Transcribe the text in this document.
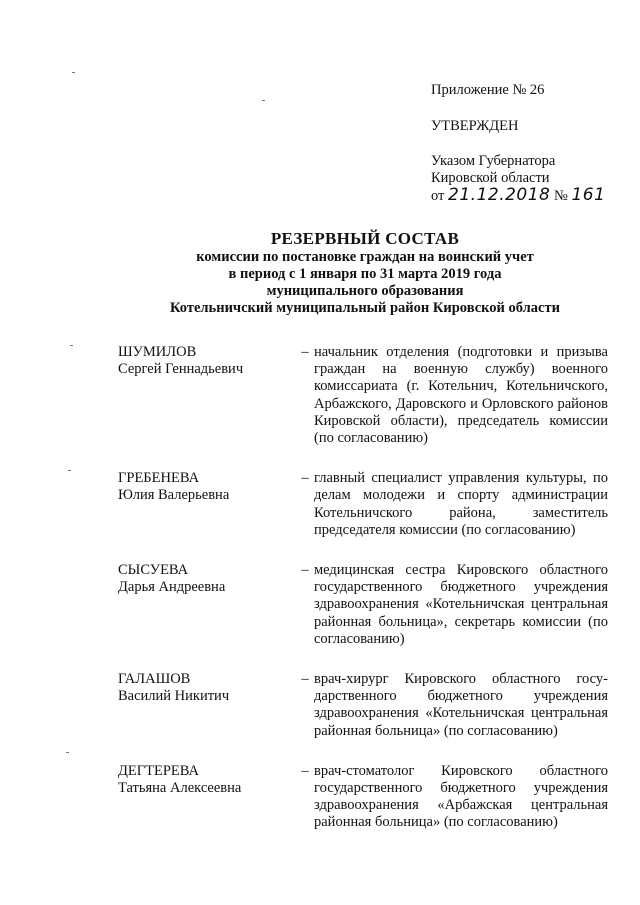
Приложение № 26
УТВЕРЖДЕН
Указом Губернатора
Кировской области
от 21.12.2018 № 161
РЕЗЕРВНЫЙ СОСТАВ
комиссии по постановке граждан на воинский учет
в период с 1 января по 31 марта 2019 года
муниципального образования
Котельничский муниципальный район Кировской области
ШУМИЛОВ
Сергей Геннадьевич
– начальник отделения (подготовки и призыва граждан на военную службу) военного комиссариата (г. Котельнич, Котельничского, Арбажского, Даровского и Орловского районов Кировской области), председатель комиссии (по согласованию)
ГРЕБЕНЕВА
Юлия Валерьевна
– главный специалист управления культуры, по делам молодежи и спорту администрации Котельничского района, заместитель председателя комиссии (по согласованию)
СЫСУЕВА
Дарья Андреевна
– медицинская сестра Кировского областного государственного бюджетного учреждения здравоохранения «Котельничская центральная районная больница», секретарь комиссии (по согласованию)
ГАЛАШОВ
Василий Никитич
– врач-хирург Кировского областного государственного бюджетного учреждения здравоохранения «Котельничская центральная районная больница» (по согласованию)
ДЕГТЕРЕВА
Татьяна Алексеевна
– врач-стоматолог Кировского областного государственного бюджетного учреждения здравоохранения «Арбажская центральная районная больница» (по согласованию)
